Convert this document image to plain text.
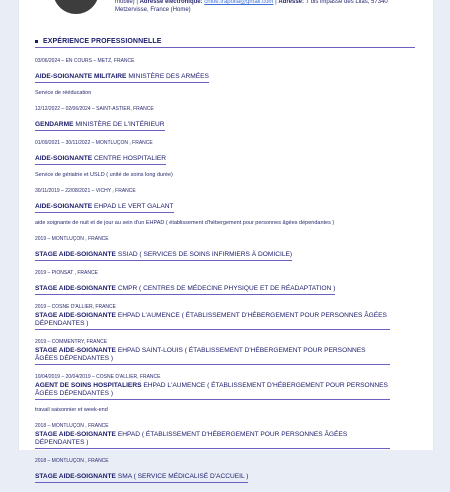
mobile) | Adresse électronique: chloe.frapolla@gmail.com | Adresse: 7 bis impasse des Lilas, 57340
Metzervisse, France (Home)
EXPÉRIENCE PROFESSIONNELLE
03/06/2024 – EN COURS – METZ, FRANCE
AIDE-SOIGNANTE MILITAIRE MINISTÈRE DES ARMÉES
Service de rééducation
12/12/2022 – 02/06/2024 – SAINT-ASTIER, FRANCE
GENDARME MINISTÈRE DE L'INTÉRIEUR
01/09/2021 – 30/11/2022 – MONTLUÇON , FRANCE
AIDE-SOIGNANTE CENTRE HOSPITALIER
Service de gériatrie et USLD ( unité de soins long durée)
30/11/2019 – 22/08/2021 – VICHY , FRANCE
AIDE-SOIGNANTE EHPAD LE VERT GALANT
aide soignante de nuit et de jour au sein d'un EHPAD ( établissement d'hébergement pour personnes âgées dépendantes )
2019 – MONTLUÇON , FRANCE
STAGE AIDE-SOIGNANTE SSIAD ( SERVICES DE SOINS INFIRMIERS À DOMICILE)
2019 – PIONSAT , FRANCE
STAGE AIDE-SOIGNANTE CMPR ( CENTRES DE MÉDECINE PHYSIQUE ET DE RÉADAPTATION )
2019 – COSNE D'ALLIER, FRANCE
STAGE AIDE-SOIGNANTE EHPAD L'AUMENCE ( ÉTABLISSEMENT D'HÉBERGEMENT POUR PERSONNES ÂGÉES DÉPENDANTES )
2019 – COMMENTRY, FRANCE
STAGE AIDE-SOIGNANTE EHPAD SAINT-LOUIS ( ÉTABLISSEMENT D'HÉBERGEMENT POUR PERSONNES ÂGÉES DÉPENDANTES )
10/04/2019 – 20/04/2019 – COSNE D'ALLIER, FRANCE
AGENT DE SOINS HOSPITALIERS EHPAD L'AUMENCE ( ÉTABLISSEMENT D'HÉBERGEMENT POUR PERSONNES ÂGÉES DÉPENDANTES )
travail saisonnier et week-end
2018 – MONTLUÇON , FRANCE
STAGE AIDE-SOIGNANTE EHPAD ( ÉTABLISSEMENT D'HÉBERGEMENT POUR PERSONNES ÂGÉES DÉPENDANTES )
2018 – MONTLUÇON , FRANCE
STAGE AIDE-SOIGNANTE SMA ( SERVICE MÉDICALISÉ D'ACCUEIL )
